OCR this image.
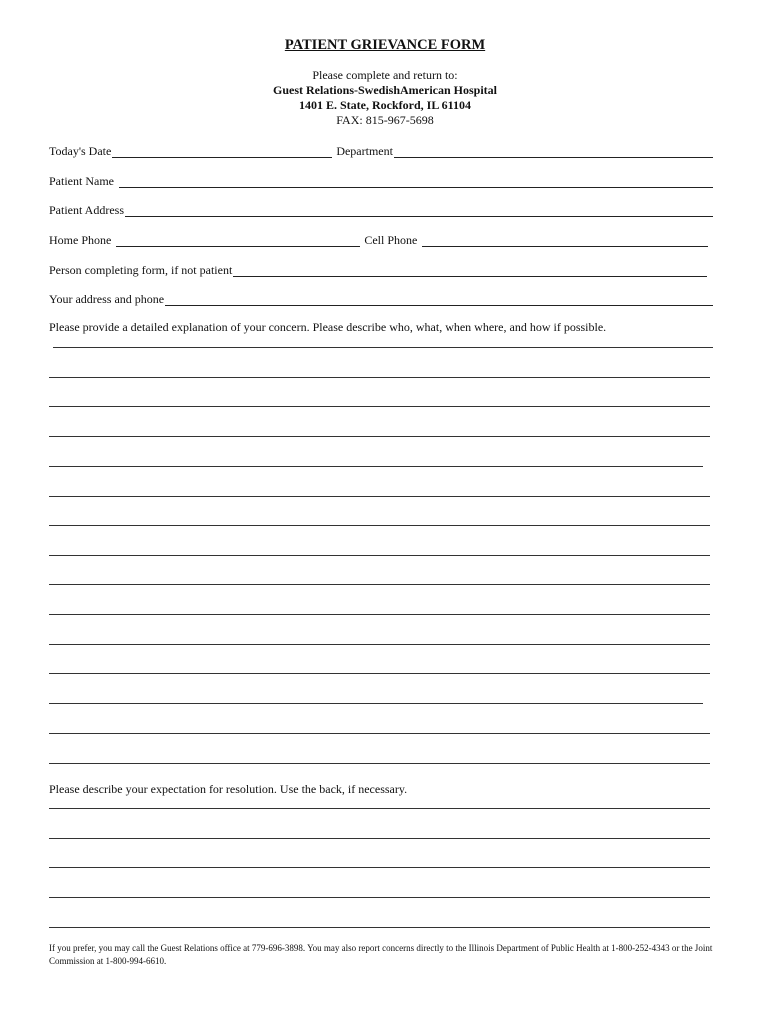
PATIENT GRIEVANCE FORM
Please complete and return to:
Guest Relations-SwedishAmerican Hospital
1401 E. State, Rockford, IL 61104
FAX: 815-967-5698
Today's Date	Department
Patient Name
Patient Address
Home Phone	Cell Phone
Person completing form, if not patient
Your address and phone
Please provide a detailed explanation of your concern. Please describe who, what, when where, and how if possible.
Please describe your expectation for resolution. Use the back, if necessary.
If you prefer, you may call the Guest Relations office at 779-696-3898. You may also report concerns directly to the Illinois Department of Public Health at 1-800-252-4343 or the Joint Commission at 1-800-994-6610.
